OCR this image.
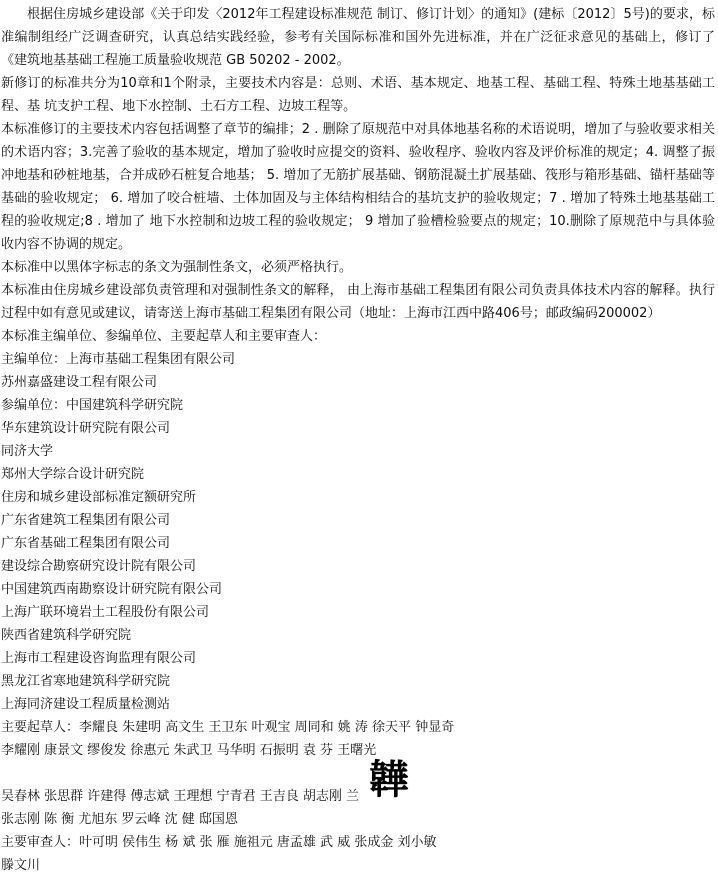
根据住房城乡建设部《关于印发〈2012年工程建设标准规范 制订、修订计划〉的通知》(建标〔2012〕5号)的要求，标准编制组经广泛调查研究，认真总结实践经验，参考有关国际标准和国外先进标准，并在广泛征求意见的基础上，修订了《建筑地基基础工程施工质量验收规范 GB 50202 - 2002。

新修订的标准共分为10章和1个附录，主要技术内容是：总则、术语、基本规定、地基工程、基础工程、特殊土地基基础工程、基 坑支护工程、地下水控制、土石方工程、边坡工程等。

本标准修订的主要技术内容包括调整了章节的编排；2 . 删除了原规范中对具体地基名称的术语说明，增加了与验收要求相关的术语内容；3.完善了验收的基本规定，增加了验收时应提交的资料、验收程序、验收内容及评价标准的规定；4. 调整了振冲地基和砂桩地基，合并成砂石桩复合地基； 5. 增加了无筋扩展基础、钢筋混凝土扩展基础、筏形与箱形基础、锚杆基础等基础的验收规定； 6. 增加了咬合桩墙、土体加固及与主体结构相结合的基坑支护的验收规定；7 . 增加了特殊土地基基础工程的验收规定;8 . 增加了 地下水控制和边坡工程的验收规定； 9 增加了验槽检验要点的规定；10.删除了原规范中与具体验收内容不协调的规定。

本标准中以黑体字标志的条文为强制性条文，必须严格执行。

本标准由住房城乡建设部负责管理和对强制性条文的解释， 由上海市基础工程集团有限公司负责具体技术内容的解释。执行过程中如有意见或建议，请寄送上海市基础工程集团有限公司（地址：上海市江西中路406号；邮政编码200002）

本标准主编单位、参编单位、主要起草人和主要审查人：

主编单位：上海市基础工程集团有限公司
苏州嘉盛建设工程有限公司
参编单位：中国建筑科学研究院
华东建筑设计研究院有限公司
同济大学
郑州大学综合设计研究院
住房和城乡建设部标准定额研究所
广东省建筑工程集团有限公司
广东省基础工程集团有限公司
建设综合勘察研究设计院有限公司
中国建筑西南勘察设计研究院有限公司
上海广联环境岩土工程股份有限公司
陕西省建筑科学研究院
上海市工程建设咨询监理有限公司
黑龙江省寒地建筑科学研究院
上海同济建设工程质量检测站
主要起草人：李耀良 朱建明 高文生 王卫东 叶观宝 周同和 姚 涛 徐天平 钟显奇
李耀刚 康景文 缪俊发 徐惠元 朱武卫 马华明 石振明 袁 芬 王曙光
吴春林 张思群 许建得 傅志斌 王理想 宁青君 王吉良 胡志刚 兰 韡
张志刚 陈 衡 尤旭东 罗云峰 沈 健 邸国恩
主要审查人：叶可明 侯伟生 杨 斌 张 雁 施祖元 唐孟雄 武 威 张成金 刘小敏
滕文川
